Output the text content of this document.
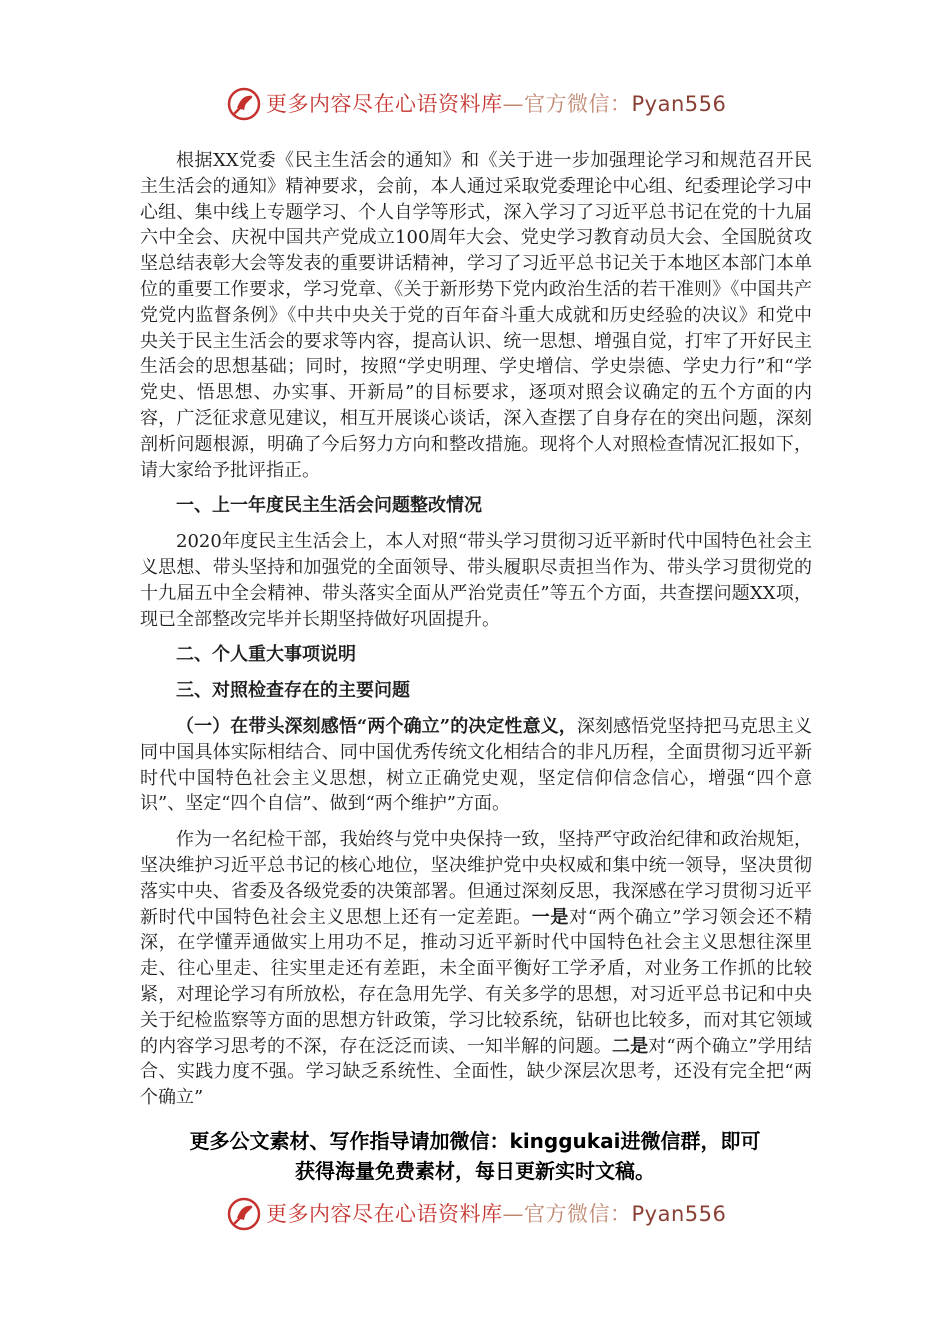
更多内容尽在心语资料库—官方微信：Pyan556

根据XX党委《民主生活会的通知》和《关于进一步加强理论学习和规范召开民主生活会的通知》精神要求，会前，本人通过采取党委理论中心组、纪委理论学习中心组、集中线上专题学习、个人自学等形式，深入学习了习近平总书记在党的十九届六中全会、庆祝中国共产党成立100周年大会、党史学习教育动员大会、全国脱贫攻坚总结表彰大会等发表的重要讲话精神，学习了习近平总书记关于本地区本部门本单位的重要工作要求，学习党章、《关于新形势下党内政治生活的若干准则》《中国共产党党内监督条例》《中共中央关于党的百年奋斗重大成就和历史经验的决议》和党中央关于民主生活会的要求等内容，提高认识、统一思想、增强自觉，打牢了开好民主生活会的思想基础；同时，按照“学史明理、学史增信、学史崇德、学史力行”和“学党史、悟思想、办实事、开新局”的目标要求，逐项对照会议确定的五个方面的内容，广泛征求意见建议，相互开展谈心谈话，深入查摆了自身存在的突出问题，深刻剖析问题根源，明确了今后努力方向和整改措施。现将个人对照检查情况汇报如下，请大家给予批评指正。

一、上一年度民主生活会问题整改情况

2020年度民主生活会上，本人对照“带头学习贯彻习近平新时代中国特色社会主义思想、带头坚持和加强党的全面领导、带头履职尽责担当作为、带头学习贯彻党的十九届五中全会精神、带头落实全面从严治党责任”等五个方面，共查摆问题XX项，现已全部整改完毕并长期坚持做好巩固提升。

二、个人重大事项说明

三、对照检查存在的主要问题

（一）在带头深刻感悟“两个确立”的决定性意义，深刻感悟党坚持把马克思主义同中国具体实际相结合、同中国优秀传统文化相结合的非凡历程，全面贯彻习近平新时代中国特色社会主义思想，树立正确党史观，坚定信仰信念信心，增强“四个意识”、坚定“四个自信”、做到“两个维护”方面。

作为一名纪检干部，我始终与党中央保持一致，坚持严守政治纪律和政治规矩，坚决维护习近平总书记的核心地位，坚决维护党中央权威和集中统一领导，坚决贯彻落实中央、省委及各级党委的决策部署。但通过深刻反思，我深感在学习贯彻习近平新时代中国特色社会主义思想上还有一定差距。一是对“两个确立”学习领会还不精深，在学懂弄通做实上用功不足，推动习近平新时代中国特色社会主义思想往深里走、往心里走、往实里走还有差距，未全面平衡好工学矛盾，对业务工作抓的比较紧，对理论学习有所放松，存在急用先学、有关多学的思想，对习近平总书记和中央关于纪检监察等方面的思想方针政策，学习比较系统，钻研也比较多，而对其它领域的内容学习思考的不深，存在泛泛而读、一知半解的问题。二是对“两个确立”学用结合、实践力度不强。学习缺乏系统性、全面性，缺少深层次思考，还没有完全把“两个确立”

更多公文素材、写作指导请加微信：kinggukai进微信群，即可
获得海量免费素材，每日更新实时文稿。
更多内容尽在心语资料库—官方微信：Pyan556
